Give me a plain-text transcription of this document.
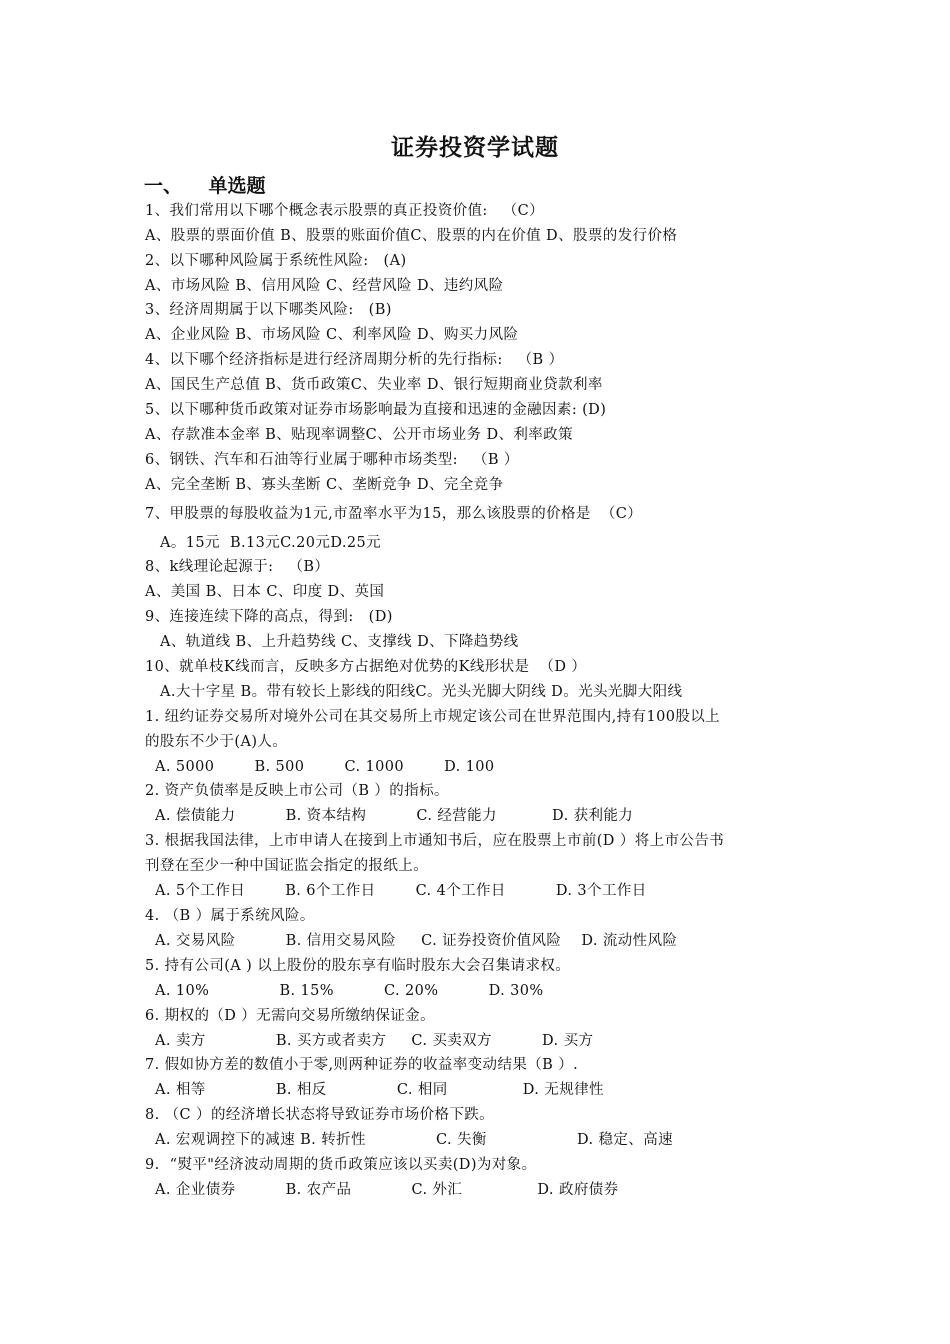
证券投资学试题
一、    单选题
1、我们常用以下哪个概念表示股票的真正投资价值:   （C）
A、股票的票面价值 B、股票的账面价值C、股票的内在价值 D、股票的发行价格
2、以下哪种风险属于系统性风险:   (A)
A、市场风险 B、信用风险 C、经营风险 D、违约风险
3、经济周期属于以下哪类风险:   (B)
A、企业风险 B、市场风险 C、利率风险 D、购买力风险
4、以下哪个经济指标是进行经济周期分析的先行指标:   （B ）
A、国民生产总值 B、货币政策C、失业率 D、银行短期商业贷款利率
5、以下哪种货币政策对证券市场影响最为直接和迅速的金融因素: (D)
A、存款准本金率 B、贴现率调整C、公开市场业务 D、利率政策
6、钢铁、汽车和石油等行业属于哪种市场类型:   （B ）
A、完全垄断 B、寡头垄断 C、垄断竞争 D、完全竞争
7、甲股票的每股收益为1元,市盈率水平为15，那么该股票的价格是  （C）
A。15元  B.13元C.20元D.25元
8、k线理论起源于:   （B）
A、美国 B、日本 C、印度 D、英国
9、连接连续下降的高点，得到:   (D)
A、轨道线 B、上升趋势线 C、支撑线 D、下降趋势线
10、就单枝K线而言，反映多方占据绝对优势的K线形状是  （D ）
A.大十字星 B。带有较长上影线的阳线C。光头光脚大阴线 D。光头光脚大阳线
1. 纽约证券交易所对境外公司在其交易所上市规定该公司在世界范围内,持有100股以上
的股东不少于(A)人。
A. 5000        B. 500        C. 1000        D. 100
2. 资产负债率是反映上市公司（B ）的指标。
A. 偿债能力          B. 资本结构          C. 经营能力           D. 获利能力
3. 根据我国法律，上市申请人在接到上市通知书后，应在股票上市前(D ）将上市公告书
刊登在至少一种中国证监会指定的报纸上。
A. 5个工作日        B. 6个工作日        C. 4个工作日          D. 3个工作日
4. （B ）属于系统风险。
A. 交易风险          B. 信用交易风险     C. 证券投资价值风险    D. 流动性风险
5. 持有公司(A ) 以上股份的股东享有临时股东大会召集请求权。
A. 10%              B. 15%          C. 20%          D. 30%
6. 期权的（D ）无需向交易所缴纳保证金。
A. 卖方              B. 买方或者卖方     C. 买卖双方          D. 买方
7. 假如协方差的数值小于零,则两种证券的收益率变动结果（B ）.
A. 相等              B. 相反              C. 相同               D. 无规律性
8. （C ）的经济增长状态将导致证券市场价格下跌。
A. 宏观调控下的减速 B. 转折性              C. 失衡                  D. 稳定、高速
9.  “熨平"经济波动周期的货币政策应该以买卖(D)为对象。
A. 企业债券          B. 农产品            C. 外汇               D. 政府债券
